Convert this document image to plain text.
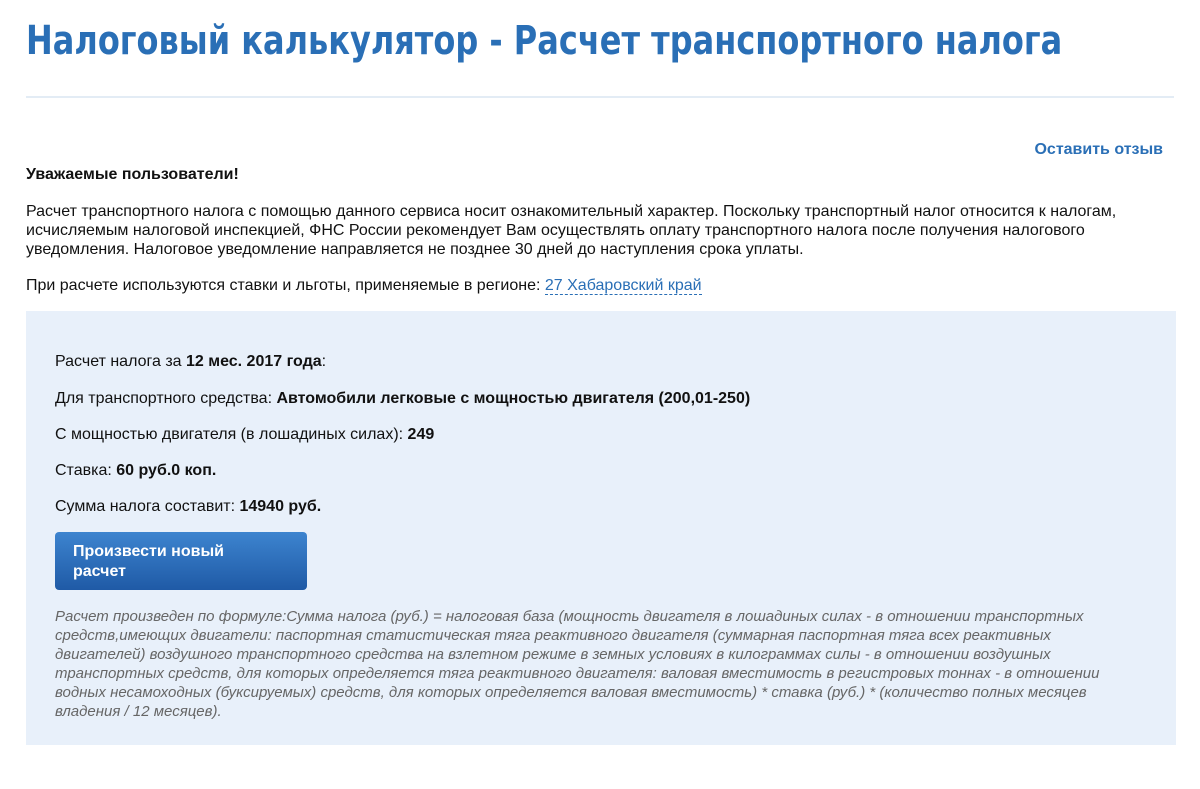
Налоговый калькулятор - Расчет транспортного налога
Оставить отзыв

Уважаемые пользователи!

Расчет транспортного налога с помощью данного сервиса носит ознакомительный характер. Поскольку транспортный налог относится к налогам, исчисляемым налоговой инспекцией, ФНС России рекомендует Вам осуществлять оплату транспортного налога после получения налогового уведомления. Налоговое уведомление направляется не позднее 30 дней до наступления срока уплаты.

При расчете используются ставки и льготы, применяемые в регионе: 27 Хабаровский край

Расчет налога за 12 мес. 2017 года:

Для транспортного средства: Автомобили легковые с мощностью двигателя (200,01-250)

С мощностью двигателя (в лошадиных силах): 249

Ставка: 60 руб.0 коп.

Сумма налога составит: 14940 руб.

Произвести новый расчет

Расчет произведен по формуле:Сумма налога (руб.) = налоговая база (мощность двигателя в лошадиных силах - в отношении транспортных средств,имеющих двигатели: паспортная статистическая тяга реактивного двигателя (суммарная паспортная тяга всех реактивных двигателей) воздушного транспортного средства на взлетном режиме в земных условиях в килограммах силы - в отношении воздушных транспортных средств, для которых определяется тяга реактивного двигателя: валовая вместимость в регистровых тоннах - в отношении водных несамоходных (буксируемых) средств, для которых определяется валовая вместимость) * ставка (руб.) * (количество полных месяцев владения / 12 месяцев).
